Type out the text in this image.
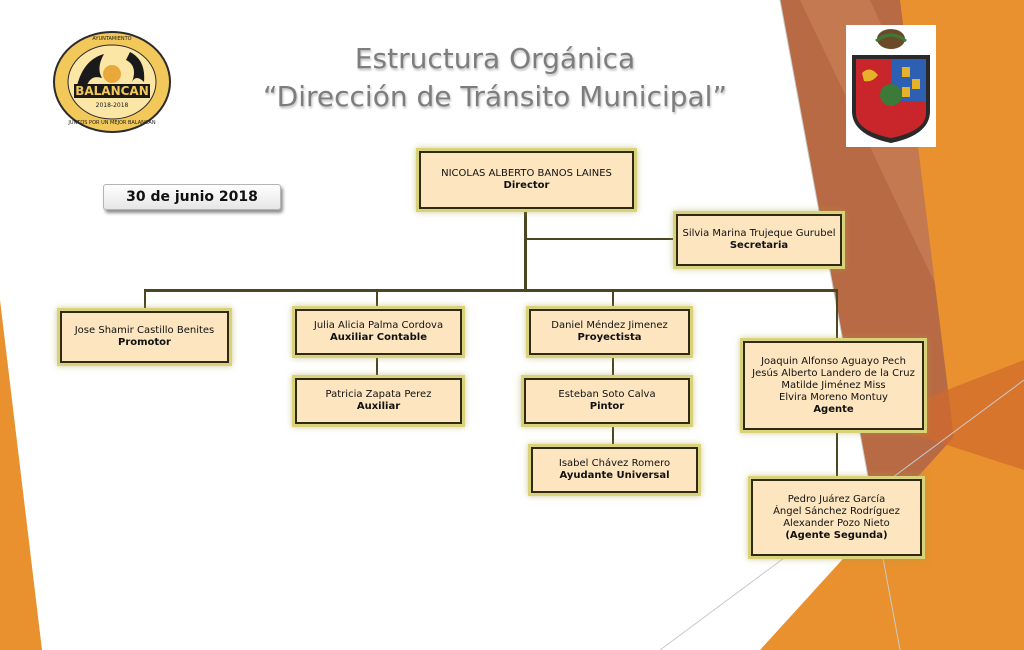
BALANCAN
2018-2018
AYUNTAMIENTO
JUNTOS POR UN MEJOR BALANCÁN
Estructura Orgánica
“Dirección de Tránsito Municipal”
30 de junio 2018
NICOLAS ALBERTO BANOS LAINES
Director
Silvia Marina Trujeque Gurubel
Secretaria
Jose Shamir Castillo Benites
Promotor
Julia Alicia Palma Cordova
Auxiliar Contable
Patricia Zapata Perez
Auxiliar
Daniel Méndez Jimenez
Proyectista
Esteban Soto Calva
Pintor
Isabel Chávez Romero
Ayudante Universal
Joaquin Alfonso Aguayo Pech
Jesús Alberto Landero de la Cruz
Matilde Jiménez Miss
Elvira Moreno Montuy
Agente
Pedro Juárez García
Ángel Sánchez Rodríguez
Alexander Pozo Nieto
(Agente Segunda)
